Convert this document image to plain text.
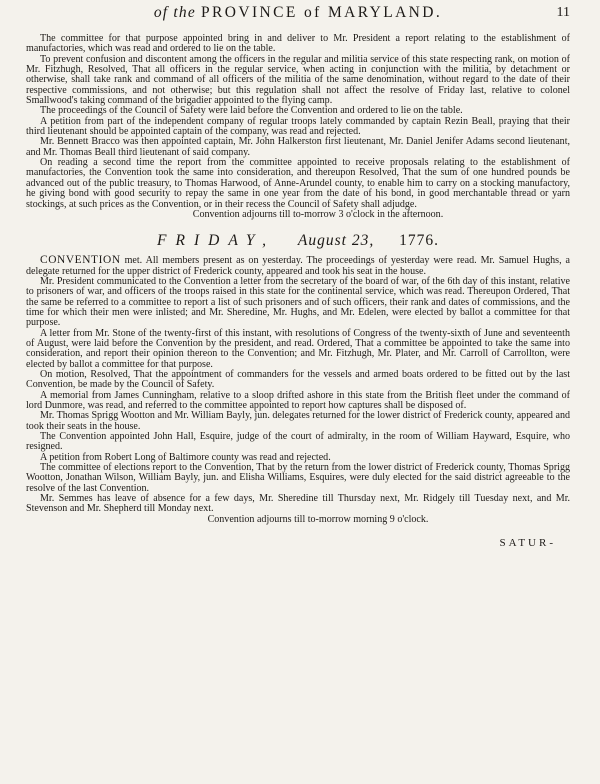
of the PROVINCE of MARYLAND.	11

The committee for that purpose appointed bring in and deliver to Mr. President a report relating to the establishment of manufactories, which was read and ordered to lie on the table.

To prevent confusion and discontent among the officers in the regular and militia service of this state respecting rank, on motion of Mr. Fitzhugh, Resolved, That all officers in the regular service, when acting in conjunction with the militia, by detachment or otherwise, shall take rank and command of all officers of the militia of the same denomination, without regard to the date of their respective commissions, and not otherwise; but this regulation shall not affect the resolve of Friday last, relative to colonel Smallwood's taking command of the brigadier appointed to the flying camp.

The proceedings of the Council of Safety were laid before the Convention and ordered to lie on the table.

A petition from part of the independent company of regular troops lately commanded by captain Rezin Beall, praying that their third lieutenant should be appointed captain of the company, was read and rejected.

Mr. Bennett Bracco was then appointed captain, Mr. John Halkerston first lieutenant, Mr. Daniel Jenifer Adams second lieutenant, and Mr. Thomas Beall third lieutenant of said company.

On reading a second time the report from the committee appointed to receive proposals relating to the establishment of manufactories, the Convention took the same into consideration, and thereupon Resolved, That the sum of one hundred pounds be advanced out of the public treasury, to Thomas Harwood, of Anne-Arundel county, to enable him to carry on a stocking manufactory, he giving bond with good security to repay the same in one year from the date of his bond, in good merchantable thread or yarn stockings, at such prices as the Convention, or in their recess the Council of Safety shall adjudge.

Convention adjourns till to-morrow 3 o'clock in the afternoon.

FRIDAY, August 23, 1776.

CONVENTION met. All members present as on yesterday. The proceedings of yesterday were read. Mr. Samuel Hughs, a delegate returned for the upper district of Frederick county, appeared and took his seat in the house.

Mr. President communicated to the Convention a letter from the secretary of the board of war, of the 6th day of this instant, relative to prisoners of war, and officers of the troops raised in this state for the continental service, which was read. Thereupon Ordered, That the same be referred to a committee to report a list of such prisoners and of such officers, their rank and dates of commissions, and the time for which their men were inlisted; and Mr. Sheredine, Mr. Hughs, and Mr. Edelen, were elected by ballot a committee for that purpose.

A letter from Mr. Stone of the twenty-first of this instant, with resolutions of Congress of the twenty-sixth of June and seventeenth of August, were laid before the Convention by the president, and read. Ordered, That a committee be appointed to take the same into consideration, and report their opinion thereon to the Convention; and Mr. Fitzhugh, Mr. Plater, and Mr. Carroll of Carrollton, were elected by ballot a committee for that purpose.

On motion, Resolved, That the appointment of commanders for the vessels and armed boats ordered to be fitted out by the last Convention, be made by the Council of Safety.

A memorial from James Cunningham, relative to a sloop drifted ashore in this state from the British fleet under the command of lord Dunmore, was read, and referred to the committee appointed to report how captures shall be disposed of.

Mr. Thomas Sprigg Wootton and Mr. William Bayly, jun. delegates returned for the lower district of Frederick county, appeared and took their seats in the house.

The Convention appointed John Hall, Esquire, judge of the court of admiralty, in the room of William Hayward, Esquire, who resigned.

A petition from Robert Long of Baltimore county was read and rejected.

The committee of elections report to the Convention, That by the return from the lower district of Frederick county, Thomas Sprigg Wootton, Jonathan Wilson, William Bayly, jun. and Elisha Williams, Esquires, were duly elected for the said district agreeable to the resolve of the last Convention.

Mr. Semmes has leave of absence for a few days, Mr. Sheredine till Thursday next, Mr. Ridgely till Tuesday next, and Mr. Stevenson and Mr. Shepherd till Monday next.

Convention adjourns till to-morrow morning 9 o'clock.

SATUR-
